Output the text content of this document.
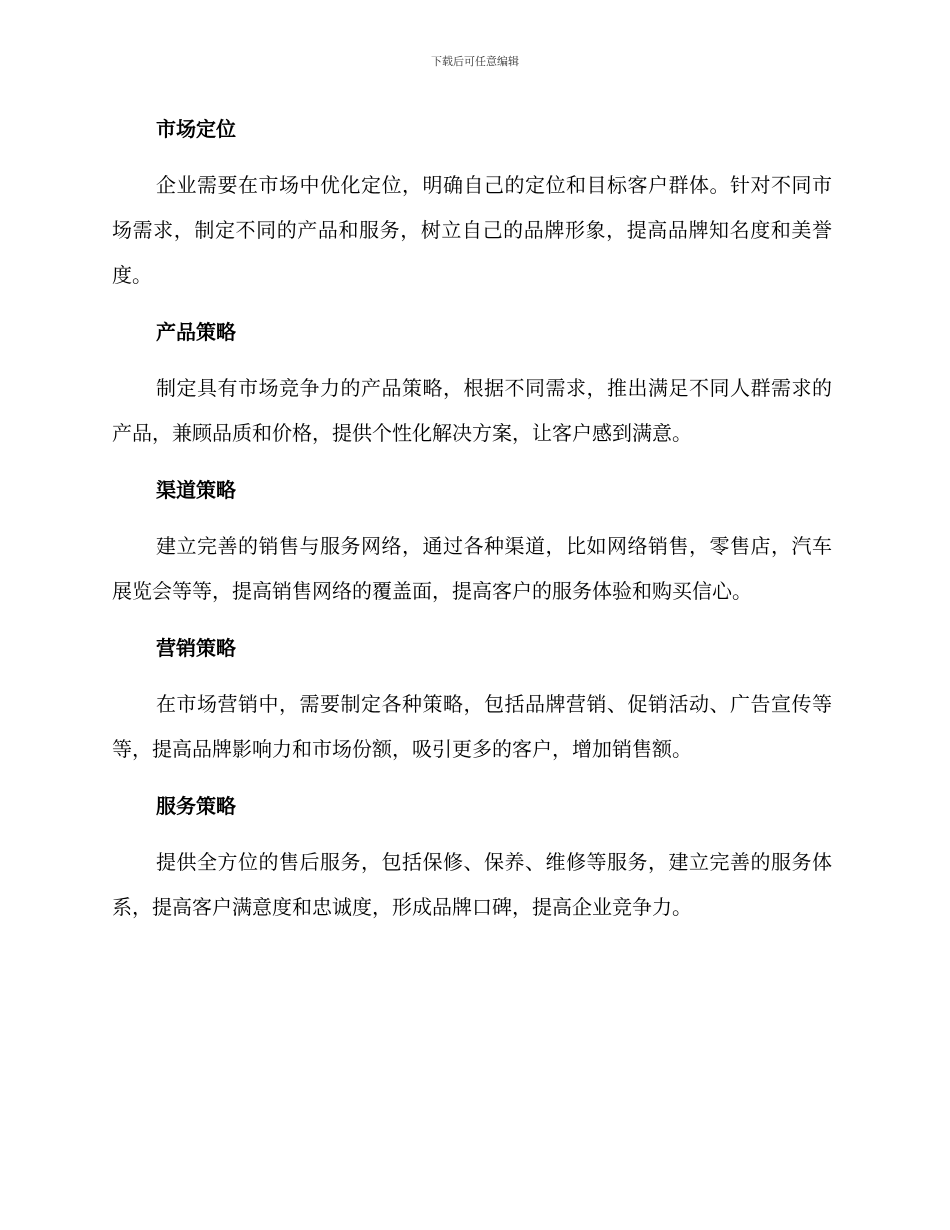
下载后可任意编辑
市场定位

企业需要在市场中优化定位，明确自己的定位和目标客户群体。针对不同市场需求，制定不同的产品和服务，树立自己的品牌形象，提高品牌知名度和美誉度。

产品策略

制定具有市场竞争力的产品策略，根据不同需求，推出满足不同人群需求的产品，兼顾品质和价格，提供个性化解决方案，让客户感到满意。

渠道策略

建立完善的销售与服务网络，通过各种渠道，比如网络销售，零售店，汽车展览会等等，提高销售网络的覆盖面，提高客户的服务体验和购买信心。

营销策略

在市场营销中，需要制定各种策略，包括品牌营销、促销活动、广告宣传等等，提高品牌影响力和市场份额，吸引更多的客户，增加销售额。

服务策略

提供全方位的售后服务，包括保修、保养、维修等服务，建立完善的服务体系，提高客户满意度和忠诚度，形成品牌口碑，提高企业竞争力。
